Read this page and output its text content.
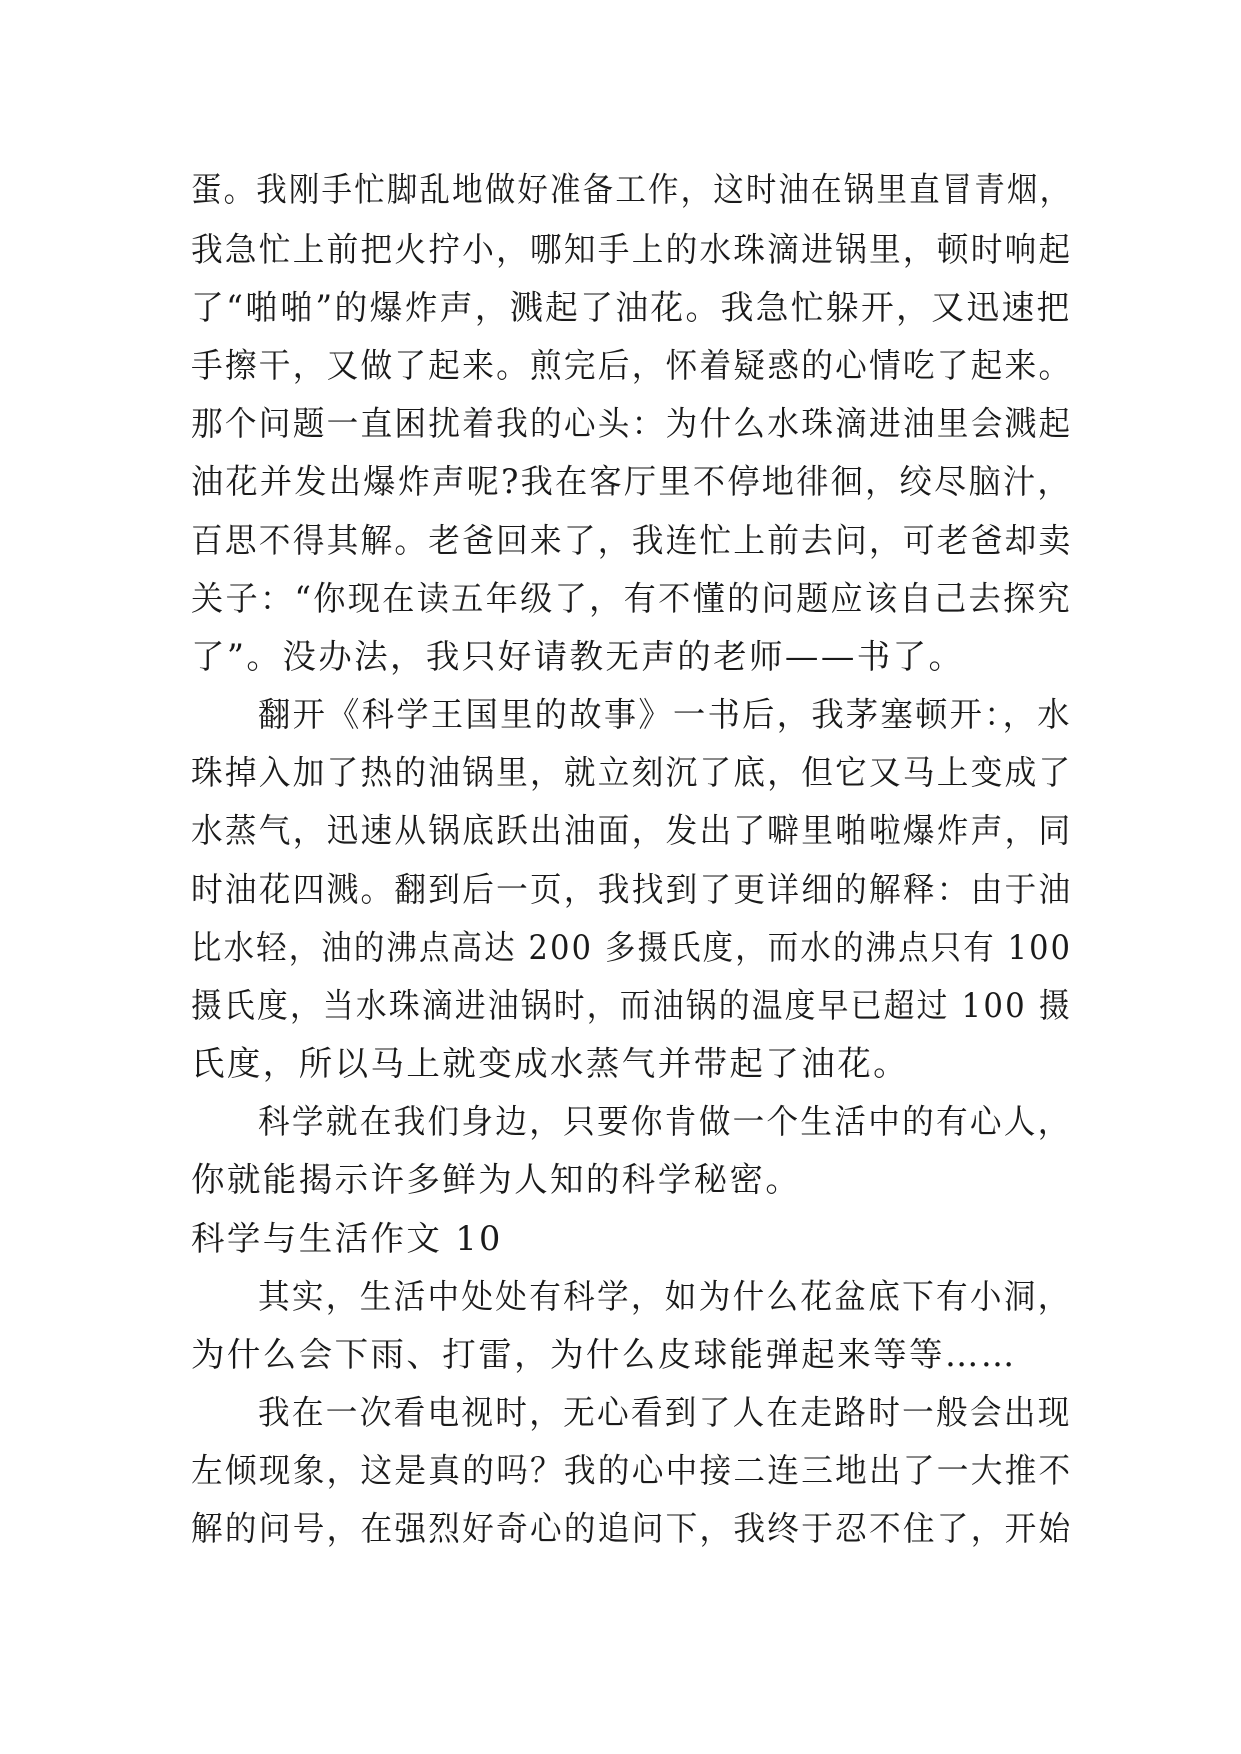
蛋。我刚手忙脚乱地做好准备工作，这时油在锅里直冒青烟，
我急忙上前把火拧小，哪知手上的水珠滴进锅里，顿时响起
了“啪啪”的爆炸声，溅起了油花。我急忙躲开，又迅速把
手擦干，又做了起来。煎完后，怀着疑惑的心情吃了起来。
那个问题一直困扰着我的心头：为什么水珠滴进油里会溅起
油花并发出爆炸声呢?我在客厅里不停地徘徊，绞尽脑汁，
百思不得其解。老爸回来了，我连忙上前去问，可老爸却卖
关子：“你现在读五年级了，有不懂的问题应该自己去探究
了”。没办法，我只好请教无声的老师——书了。
翻开《科学王国里的故事》一书后，我茅塞顿开：，水
珠掉入加了热的油锅里，就立刻沉了底，但它又马上变成了
水蒸气，迅速从锅底跃出油面，发出了噼里啪啦爆炸声，同
时油花四溅。翻到后一页，我找到了更详细的解释：由于油
比水轻，油的沸点高达 200 多摄氏度，而水的沸点只有 100
摄氏度，当水珠滴进油锅时，而油锅的温度早已超过 100 摄
氏度，所以马上就变成水蒸气并带起了油花。
科学就在我们身边，只要你肯做一个生活中的有心人，
你就能揭示许多鲜为人知的科学秘密。
科学与生活作文 10
其实，生活中处处有科学，如为什么花盆底下有小洞，
为什么会下雨、打雷，为什么皮球能弹起来等等……
我在一次看电视时，无心看到了人在走路时一般会出现
左倾现象，这是真的吗？我的心中接二连三地出了一大推不
解的问号，在强烈好奇心的追问下，我终于忍不住了，开始
